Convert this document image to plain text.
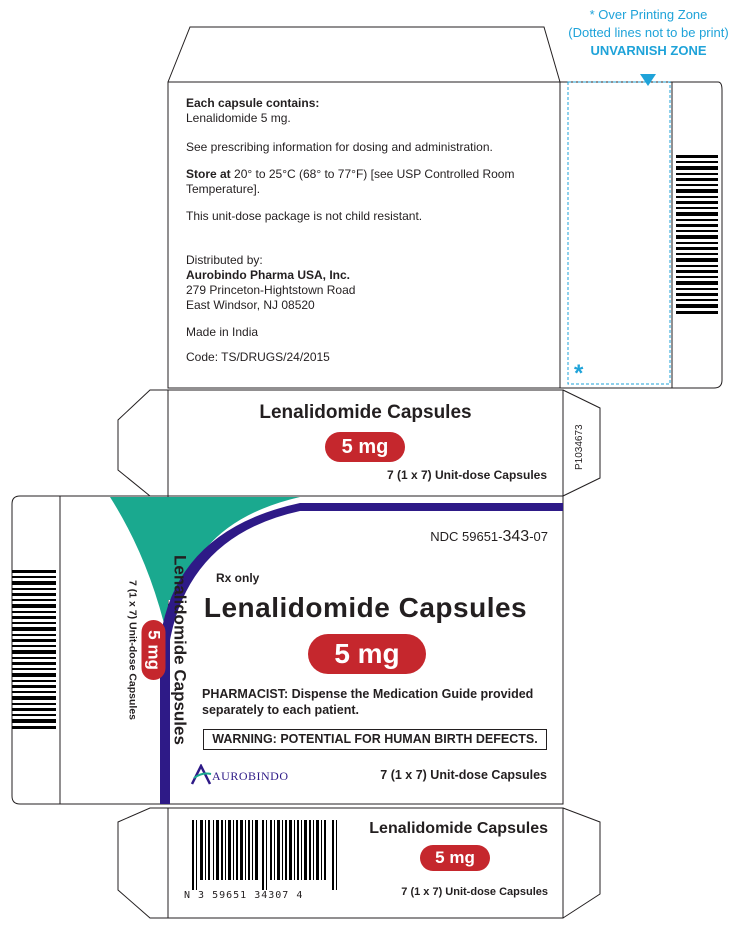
* Over Printing Zone
(Dotted lines not to be print)
UNVARNISH ZONE
*
Each capsule contains:
Lenalidomide 5 mg.
See prescribing information for dosing and administration.
Store at 20° to 25°C (68° to 77°F) [see USP Controlled Room
Temperature].
This unit-dose package is not child resistant.
Distributed by:
Aurobindo Pharma USA, Inc.
279 Princeton-Hightstown Road
East Windsor, NJ 08520
Made in India
Code: TS/DRUGS/24/2015
Lenalidomide Capsules
5 mg
7 (1 x 7) Unit-dose Capsules
P1034673
NDC 59651-343-07
Rx only
Lenalidomide Capsules
5 mg
PHARMACIST: Dispense the Medication Guide provided
separately to each patient.
WARNING: POTENTIAL FOR HUMAN BIRTH DEFECTS.
AUROBINDO	7 (1 x 7) Unit-dose Capsules
Lenalidomide Capsules
5 mg
7 (1 x 7) Unit-dose Capsules
Lenalidomide Capsules
5 mg
7 (1 x 7) Unit-dose Capsules
N 3 59651 34307 4
